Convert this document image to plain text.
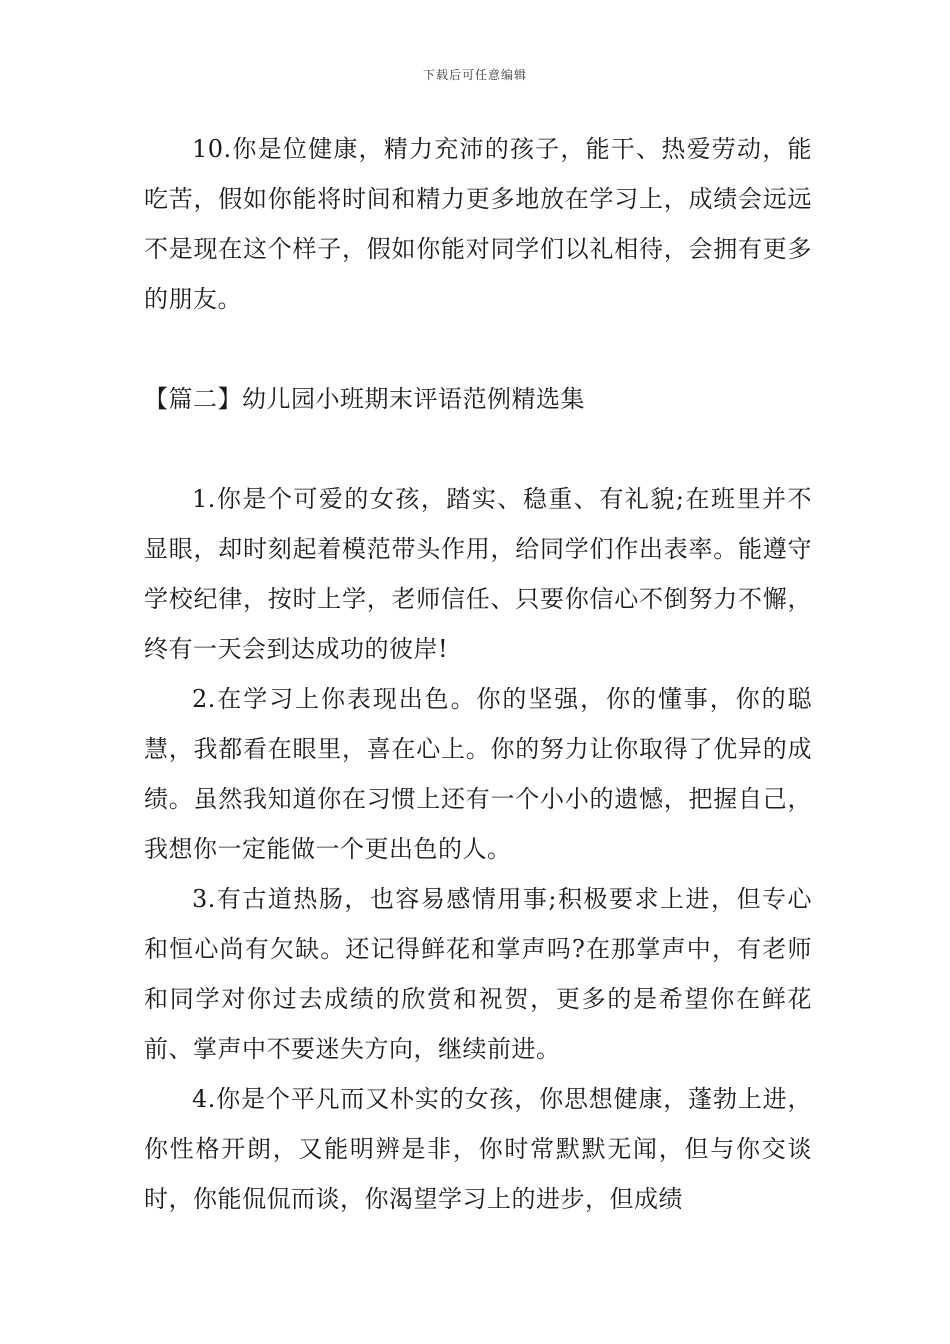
下载后可任意编辑

10.你是位健康，精力充沛的孩子，能干、热爱劳动，能吃苦，假如你能将时间和精力更多地放在学习上，成绩会远远不是现在这个样子，假如你能对同学们以礼相待，会拥有更多的朋友。

【篇二】幼儿园小班期末评语范例精选集

1.你是个可爱的女孩，踏实、稳重、有礼貌;在班里并不显眼，却时刻起着模范带头作用，给同学们作出表率。能遵守学校纪律，按时上学，老师信任、只要你信心不倒努力不懈，终有一天会到达成功的彼岸!

2.在学习上你表现出色。你的坚强，你的懂事，你的聪慧，我都看在眼里，喜在心上。你的努力让你取得了优异的成绩。虽然我知道你在习惯上还有一个小小的遗憾，把握自己，我想你一定能做一个更出色的人。

3.有古道热肠，也容易感情用事;积极要求上进，但专心和恒心尚有欠缺。还记得鲜花和掌声吗?在那掌声中，有老师和同学对你过去成绩的欣赏和祝贺，更多的是希望你在鲜花前、掌声中不要迷失方向，继续前进。

4.你是个平凡而又朴实的女孩，你思想健康，蓬勃上进，你性格开朗，又能明辨是非，你时常默默无闻，但与你交谈时，你能侃侃而谈，你渴望学习上的进步，但成绩
